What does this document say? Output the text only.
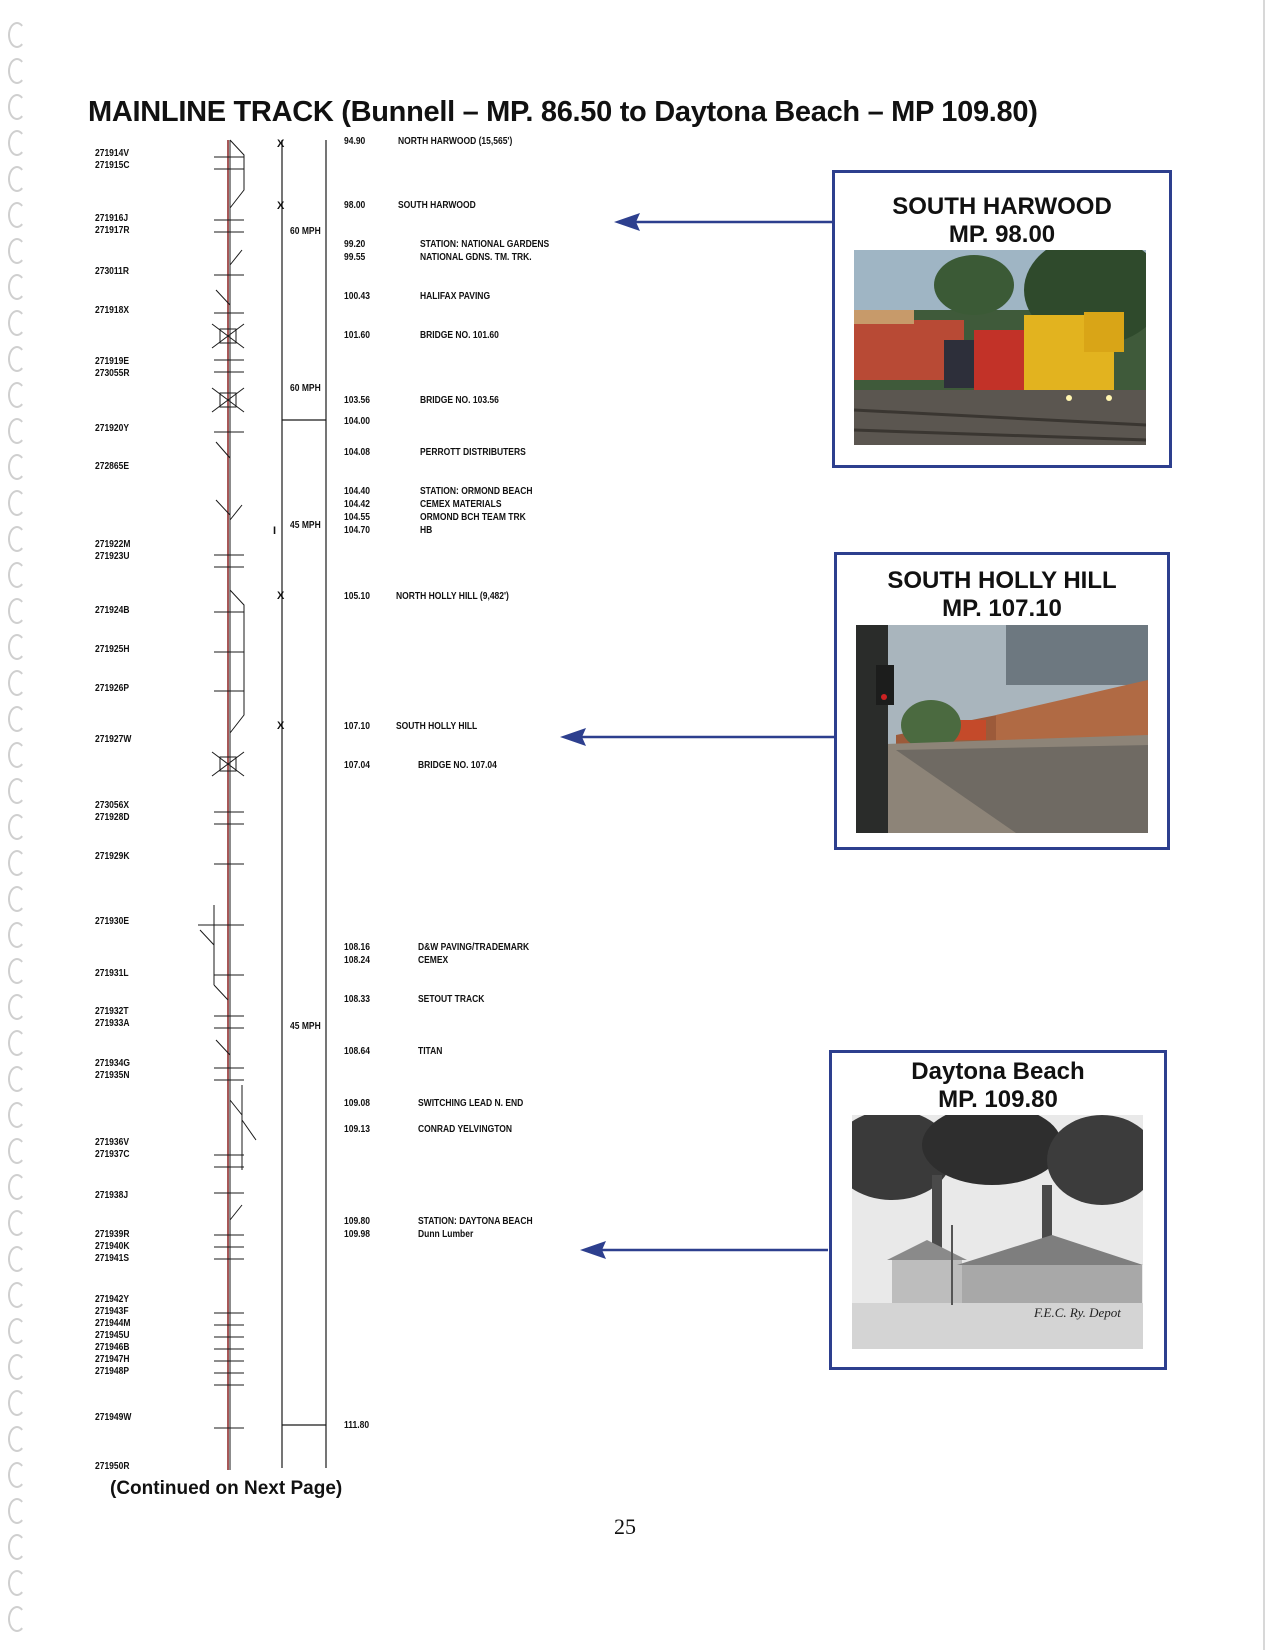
MAINLINE TRACK (Bunnell – MP. 86.50 to Daytona Beach – MP 109.80)
X
X
I
X
X
60 MPH
60 MPH
45 MPH
45 MPH
271914V
271915C
271916J
271917R
273011R
271918X
271919E
273055R
271920Y
272865E
271922M
271923U
271924B
271925H
271926P
271927W
273056X
271928D
271929K
271930E
271931L
271932T
271933A
271934G
271935N
271936V
271937C
271938J
271939R
271940K
271941S
271942Y
271943F
271944M
271945U
271946B
271947H
271948P
271949W
271950R
94.90	NORTH HARWOOD (15,565')
98.00	SOUTH HARWOOD
99.20	STATION: NATIONAL GARDENS
99.55	NATIONAL GDNS. TM. TRK.
100.43	HALIFAX PAVING
101.60	BRIDGE NO. 101.60
103.56	BRIDGE NO. 103.56
104.00
104.08	PERROTT DISTRIBUTERS
104.40	STATION: ORMOND BEACH
104.42	CEMEX MATERIALS
104.55	ORMOND BCH TEAM TRK
104.70	HB
105.10	NORTH HOLLY HILL (9,482')
107.10	SOUTH HOLLY HILL
107.04	BRIDGE NO. 107.04
108.16	D&W PAVING/TRADEMARK
108.24	CEMEX
108.33	SETOUT TRACK
108.64	TITAN
109.08	SWITCHING LEAD N. END
109.13	CONRAD YELVINGTON
109.80	STATION: DAYTONA BEACH
109.98	Dunn Lumber
111.80
SOUTH HARWOOD
MP. 98.00
SOUTH HOLLY HILL
MP. 107.10
Daytona Beach
MP. 109.80
F.E.C. Ry. Depot
(Continued on Next Page)
25
